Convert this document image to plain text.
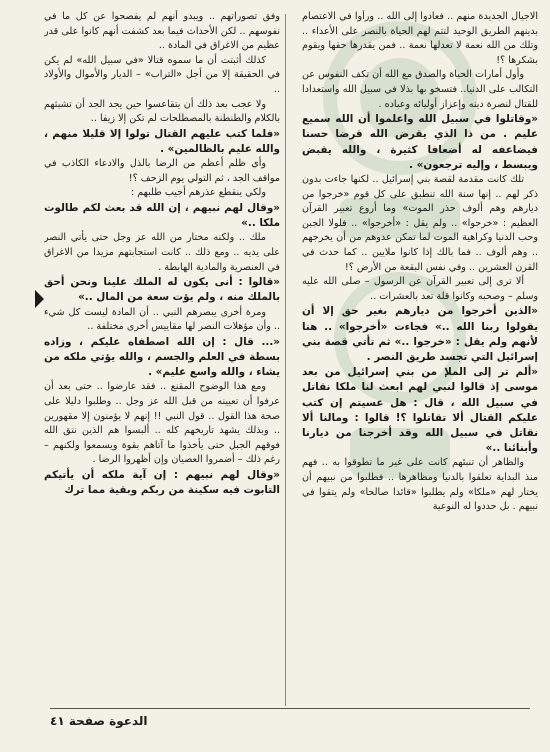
الاجيال الجديدة منهم .. فعادوا إلى الله .. ورأوا في الاعتصام بدينهم الطريق الوحيد لتتم لهم الحياة بالنصر على الأعداء .. وتلك من الله نعمة لا تعدلها نعمة .. فمن يقدرها حقها ويقوم بشكرها ؟!

وأول أمارات الحياة والصدق مع الله أن تكف النفوس عن التكالب على الدنيا.. فتسخو بها بذلا في سبيل الله واستعدادا للقتال لنصرة دينه وإعزاز أوليائه وعباده .

«وقاتلوا في سبيل الله واعلموا أن الله سميع عليم . من ذا الذي يقرض الله قرضا حسنا فيضاعفه له أضعافا كثيرة ، والله يقبض ويبسط ، وإليه ترجعون» .

تلك كانت مقدمة لقصة بني إسرائيل .. لكنها جاءت بدون ذكر لهم .. إنها سنة الله تنطبق على كل قوم «خرجوا من ديارهم وهم ألوف حذر الموت» وما أروع تعبير القرآن العظيم : «خرجوا» .. ولم يقل : «أخرجوا» .. فلولا الجبن وحب الدنيا وكراهية الموت لما تمكن عدوهم من أن يخرجهم .. وهم ألوف .. فما بالك إذا كانوا ملايين .. كما حدث في القرن العشرين .. وفي نفس البقعة من الأرض ؟!

ألا ترى إلى تعبير القرآن عن الرسول – صلى الله عليه وسلم – وصحبه وكانوا قلة تعد بالعشرات ..

«الذين أخرجوا من ديارهم بغير حق إلا أن يقولوا ربنا الله ..» فجاءت «أخرجوا» .. هنا لأنهم ولم يقل : «خرجوا ..» ثم تأتي قصة بني إسرائيل التي تجسد طريق النصر .

«ألم تر إلى الملإ من بني إسرائيل من بعد موسى إذ قالوا لنبي لهم ابعث لنا ملكا نقاتل في سبيل الله ، قال : هل عسيتم إن كتب عليكم القتال ألا تقاتلوا ؟! قالوا : ومالنا ألا نقاتل في سبيل الله وقد أخرجنا من ديارنا وأبنائنا ..»

والظاهر أن تنبئهم كانت على غير ما تطوقوا به .. فهم منذ البداية تعلقوا بالدنيا ومظاهرها .. فطلبوا من نبيهم أن يختار لهم «ملكا» ولم يطلبوا «قائدا صالحا» ولم يتقوا في نبيهم . بل حددوا له النوعية

وفق تصوراتهم .. ويبدو أنهم لم يفصحوا عن كل ما في نفوسهم .. لكن الأحداث فيما بعد كشفت أنهم كانوا على قدر عظيم من الاغراق في المادة ..

كذلك أثبتت أن ما سموه قتالا «في سبيل الله» لم يكن في الحقيقة إلا من أجل «التراب» – الديار والأموال والأولاد ..

ولا عجب بعد ذلك أن يتقاعسوا حين يجد الجد أن تشبثهم بالكلام والطنطنة بالمصطلحات لم تكن إلا زيفا ..

«فلما كتب عليهم القتال تولوا إلا قليلا منهم ، والله عليم بالظالمين» .

وأي ظلم أعظم من الرضا بالذل والادعاء الكاذب في مواقف الجد ، ثم التولي يوم الزحف ؟!

ولكي ينقطع عذرهم أجيب طلبهم :

«وقال لهم نبيهم ، إن الله قد بعث لكم طالوت ملكا ..»

ملك .. ولكنه مختار من الله عز وجل حتى يأتي النصر على يديه .. ومع ذلك .. كانت استجابتهم مزيدا من الاغراق في العنصرية والمادية الهابطة .

«قالوا : أنى يكون له الملك علينا ونحن أحق بالملك منه ، ولم يؤت سعة من المال ..»

ومرة أخرى يبصرهم النبي .. أن المادة ليست كل شيء .. وأن مؤهلات النصر لها مقاييس أخرى مختلفة ..

«... قال : إن الله اصطفاه عليكم ، وزاده بسطة في العلم والجسم ، والله يؤتي ملكه من يشاء ، والله واسع عليم» .

ومع هذا الوضوح المقنع .. فقد عارضوا .. حتى بعد أن عرفوا أن تعيينه من قبل الله عز وجل .. وطلبوا دليلا على صحة هذا القول .. قول النبي !! إنهم لا يؤمنون إلا مقهورين .. وبذلك يشهد تاريخهم كله .. ألبسوا هم الذين نتق الله فوقهم الجبل حتى يأخذوا ما آتاهم بقوة ويسمعوا ولكنهم – رغم ذلك – أضمروا العصيان وإن أظهروا الرضا .

«وقال لهم نبيهم : إن آية ملكه أن يأتيكم التابوت فيه سكينة من ربكم وبقية مما ترك

الدعوة صفحة ٤١
